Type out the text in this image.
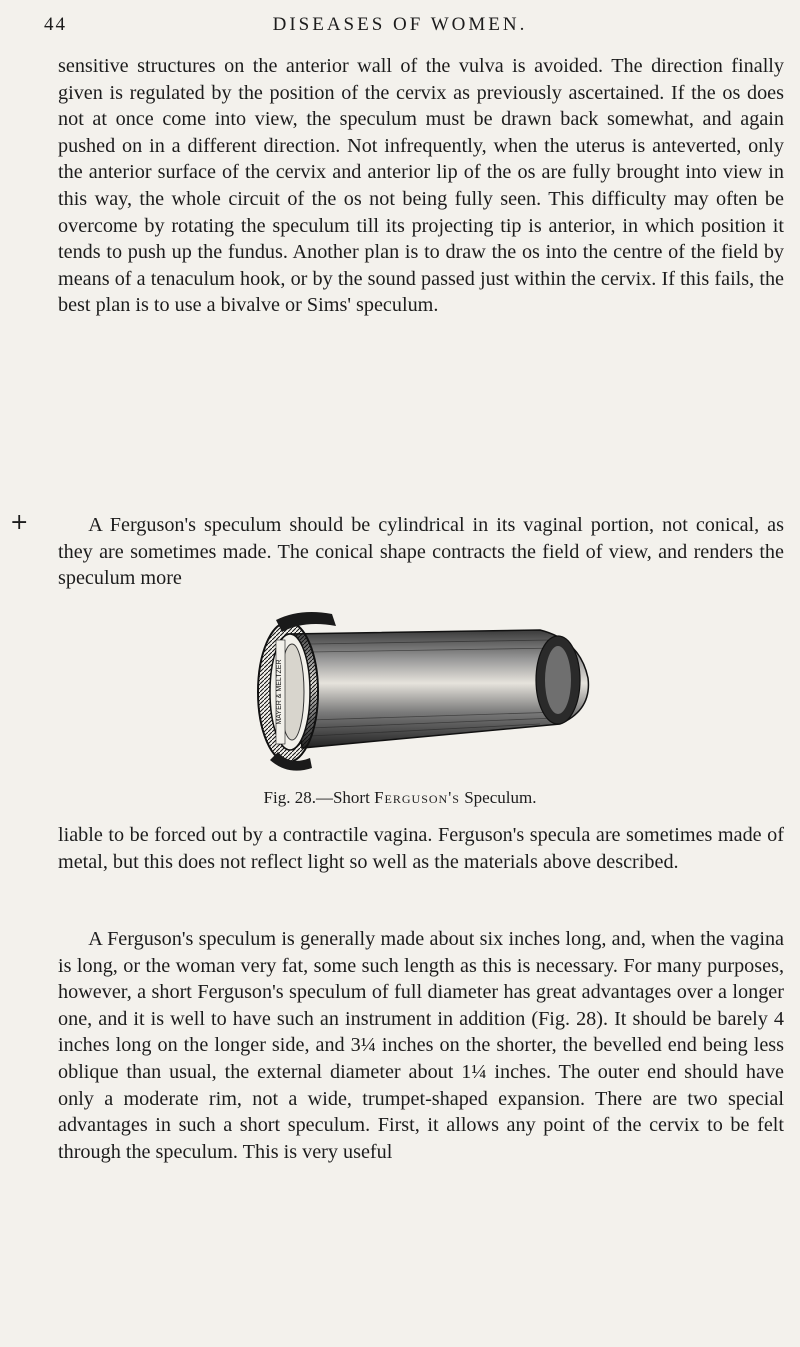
44	DISEASES OF WOMEN.

sensitive structures on the anterior wall of the vulva is avoided. The direction finally given is regulated by the position of the cervix as previously ascertained. If the os does not at once come into view, the speculum must be drawn back somewhat, and again pushed on in a different direction. Not infrequently, when the uterus is anteverted, only the anterior surface of the cervix and anterior lip of the os are fully brought into view in this way, the whole circuit of the os not being fully seen. This difficulty may often be overcome by rotating the speculum till its projecting tip is anterior, in which position it tends to push up the fundus. Another plan is to draw the os into the centre of the field by means of a tenaculum hook, or by the sound passed just within the cervix. If this fails, the best plan is to use a bivalve or Sims' speculum.

+	A Ferguson's speculum should be cylindrical in its vaginal portion, not conical, as they are sometimes made. The conical shape contracts the field of view, and renders the speculum more

MAYER & MELTZER
Fig. 28.—Short Ferguson's Speculum.

liable to be forced out by a contractile vagina. Ferguson's specula are sometimes made of metal, but this does not reflect light so well as the materials above described.

A Ferguson's speculum is generally made about six inches long, and, when the vagina is long, or the woman very fat, some such length as this is necessary. For many purposes, however, a short Ferguson's speculum of full diameter has great advantages over a longer one, and it is well to have such an instrument in addition (Fig. 28). It should be barely 4 inches long on the longer side, and 3¼ inches on the shorter, the bevelled end being less oblique than usual, the external diameter about 1¼ inches. The outer end should have only a moderate rim, not a wide, trumpet-shaped expansion. There are two special advantages in such a short speculum. First, it allows any point of the cervix to be felt through the speculum. This is very useful
